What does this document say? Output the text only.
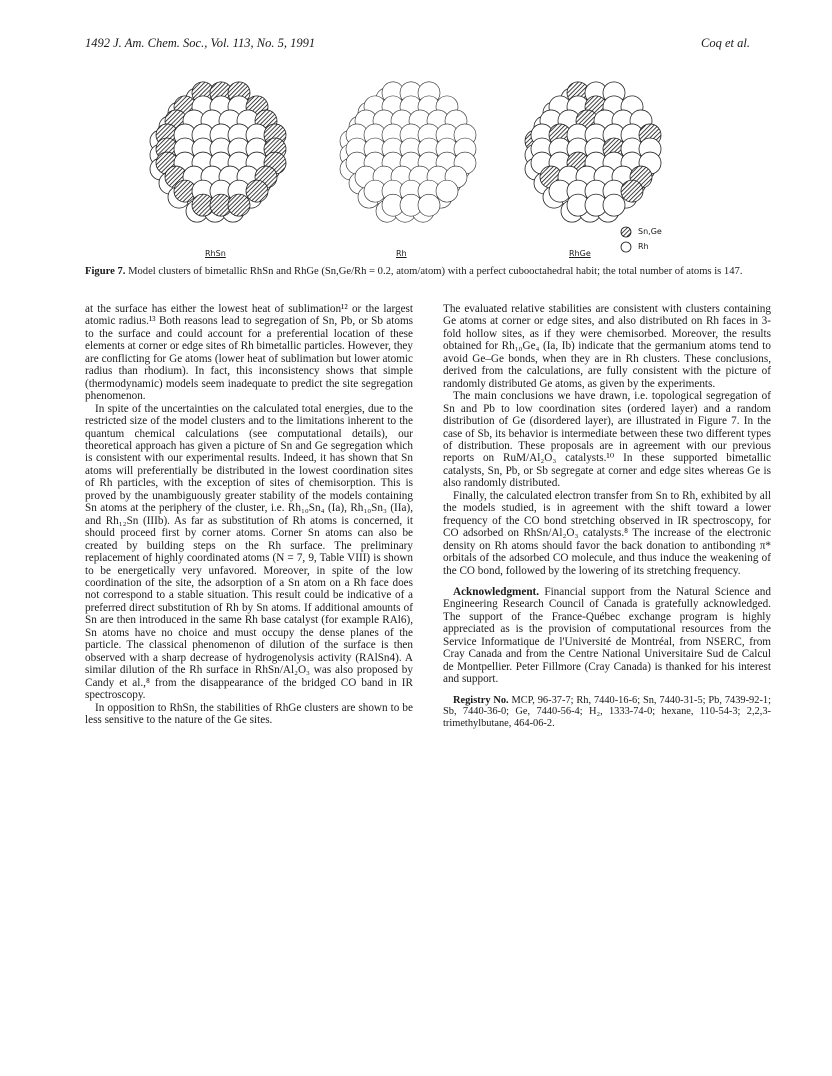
1492 J. Am. Chem. Soc., Vol. 113, No. 5, 1991	Coq et al.
RhSn	Rh	RhGe
Sn,Ge
Rh
Figure 7. Model clusters of bimetallic RhSn and RhGe (Sn,Ge/Rh = 0.2, atom/atom) with a perfect cubooctahedral habit; the total number of atoms is 147.

at the surface has either the lowest heat of sublimation¹² or the largest atomic radius.¹³ Both reasons lead to segregation of Sn, Pb, or Sb atoms to the surface and could account for a preferential location of these elements at corner or edge sites of Rh bimetallic particles. However, they are conflicting for Ge atoms (lower heat of sublimation but lower atomic radius than rhodium). In fact, this inconsistency shows that simple (thermodynamic) models seem inadequate to predict the site segregation phenomenon.

In spite of the uncertainties on the calculated total energies, due to the restricted size of the model clusters and to the limitations inherent to the quantum chemical calculations (see computational details), our theoretical approach has given a picture of Sn and Ge segregation which is consistent with our experimental results. Indeed, it has shown that Sn atoms will preferentially be distributed in the lowest coordination sites of Rh particles, with the exception of sites of chemisorption. This is proved by the unambiguously greater stability of the models containing Sn atoms at the periphery of the cluster, i.e. Rh₁₀Sn₄ (Ia), Rh₁₀Sn₃ (IIa), and Rh₁₂Sn (IIIb). As far as substitution of Rh atoms is concerned, it should proceed first by corner atoms. Corner Sn atoms can also be created by building steps on the Rh surface. The preliminary replacement of highly coordinated atoms (N = 7, 9, Table VIII) is shown to be energetically very unfavored. Moreover, in spite of the low coordination of the site, the adsorption of a Sn atom on a Rh face does not correspond to a stable situation. This result could be indicative of a preferred direct substitution of Rh by Sn atoms. If additional amounts of Sn are then introduced in the same Rh base catalyst (for example RAl6), Sn atoms have no choice and must occupy the dense planes of the particle. The classical phenomenon of dilution of the surface is then observed with a sharp decrease of hydrogenolysis activity (RAlSn4). A similar dilution of the Rh surface in RhSn/Al₂O₃ was also proposed by Candy et al.,⁸ from the disappearance of the bridged CO band in IR spectroscopy.

In opposition to RhSn, the stabilities of RhGe clusters are shown to be less sensitive to the nature of the Ge sites.

The evaluated relative stabilities are consistent with clusters containing Ge atoms at corner or edge sites, and also distributed on Rh faces in 3-fold hollow sites, as if they were chemisorbed. Moreover, the results obtained for Rh₁₀Ge₄ (Ia, Ib) indicate that the germanium atoms tend to avoid Ge–Ge bonds, when they are in Rh clusters. These conclusions, derived from the calculations, are fully consistent with the picture of randomly distributed Ge atoms, as given by the experiments.

The main conclusions we have drawn, i.e. topological segregation of Sn and Pb to low coordination sites (ordered layer) and a random distribution of Ge (disordered layer), are illustrated in Figure 7. In the case of Sb, its behavior is intermediate between these two different types of distribution. These proposals are in agreement with our previous reports on RuM/Al₂O₃ catalysts.¹⁰ In these supported bimetallic catalysts, Sn, Pb, or Sb segregate at corner and edge sites whereas Ge is also randomly distributed.

Finally, the calculated electron transfer from Sn to Rh, exhibited by all the models studied, is in agreement with the shift toward a lower frequency of the CO bond stretching observed in IR spectroscopy, for CO adsorbed on RhSn/Al₂O₃ catalysts.⁸ The increase of the electronic density on Rh atoms should favor the back donation to antibonding π* orbitals of the adsorbed CO molecule, and thus induce the weakening of the CO bond, followed by the lowering of its stretching frequency.

Acknowledgment. Financial support from the Natural Science and Engineering Research Council of Canada is gratefully acknowledged. The support of the France-Québec exchange program is highly appreciated as is the provision of computational resources from the Service Informatique de l'Université de Montréal, from NSERC, from Cray Canada and from the Centre National Universitaire Sud de Calcul de Montpellier. Peter Fillmore (Cray Canada) is thanked for his interest and support.

Registry No. MCP, 96-37-7; Rh, 7440-16-6; Sn, 7440-31-5; Pb, 7439-92-1; Sb, 7440-36-0; Ge, 7440-56-4; H₂, 1333-74-0; hexane, 110-54-3; 2,2,3-trimethylbutane, 464-06-2.
